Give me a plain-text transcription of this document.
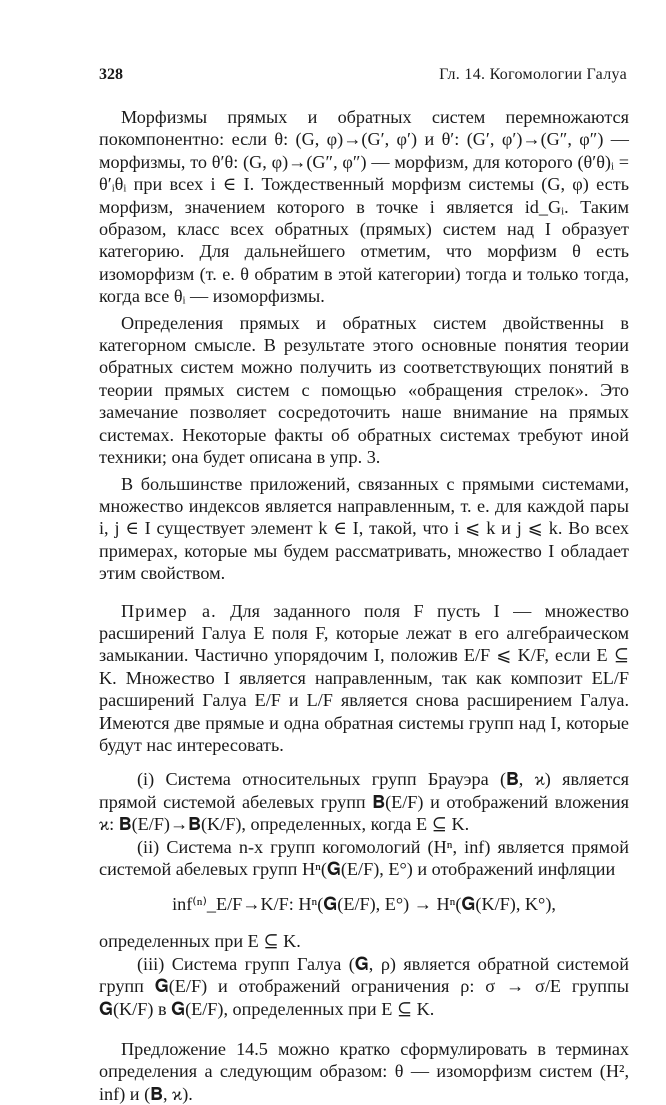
328	Гл. 14. Когомологии Галуа

Морфизмы прямых и обратных систем перемножаются покомпонентно: если θ: (G, φ)→(G′, φ′) и θ′: (G′, φ′)→(G″, φ″) — морфизмы, то θ′θ: (G, φ)→(G″, φ″) — морфизм, для которого (θ′θ)ᵢ = θ′ᵢθᵢ при всех i ∈ I. Тождественный морфизм системы (G, φ) есть морфизм, значением которого в точке i является id_Gᵢ. Таким образом, класс всех обратных (прямых) систем над I образует категорию. Для дальнейшего отметим, что морфизм θ есть изоморфизм (т. е. θ обратим в этой категории) тогда и только тогда, когда все θᵢ — изоморфизмы.

Определения прямых и обратных систем двойственны в категорном смысле. В результате этого основные понятия теории обратных систем можно получить из соответствующих понятий в теории прямых систем с помощью «обращения стрелок». Это замечание позволяет сосредоточить наше внимание на прямых системах. Некоторые факты об обратных системах требуют иной техники; она будет описана в упр. 3.

В большинстве приложений, связанных с прямыми системами, множество индексов является направленным, т. е. для каждой пары i, j ∈ I существует элемент k ∈ I, такой, что i ⩽ k и j ⩽ k. Во всех примерах, которые мы будем рассматривать, множество I обладает этим свойством.

Пример а. Для заданного поля F пусть I — множество расширений Галуа E поля F, которые лежат в его алгебраическом замыкании. Частично упорядочим I, положив E/F ⩽ K/F, если E ⊆ K. Множество I является направленным, так как композит EL/F расширений Галуа E/F и L/F является снова расширением Галуа. Имеются две прямые и одна обратная системы групп над I, которые будут нас интересовать.

(i) Система относительных групп Брауэра (𝐁, ϰ) является прямой системой абелевых групп 𝐁(E/F) и отображений вложения ϰ: 𝐁(E/F)→𝐁(K/F), определенных, когда E ⊆ K.

(ii) Система n-х групп когомологий (Hⁿ, inf) является прямой системой абелевых групп Hⁿ(𝐆(E/F), E°) и отображений инфляции

inf⁽ⁿ⁾_E/F→K/F: Hⁿ(𝐆(E/F), E°) → Hⁿ(𝐆(K/F), K°),

определенных при E ⊆ K.

(iii) Система групп Галуа (𝐆, ρ) является обратной системой групп 𝐆(E/F) и отображений ограничения ρ: σ → σ/E группы 𝐆(K/F) в 𝐆(E/F), определенных при E ⊆ K.

Предложение 14.5 можно кратко сформулировать в терминах определения а следующим образом: θ — изоморфизм систем (H², inf) и (𝐁, ϰ).
